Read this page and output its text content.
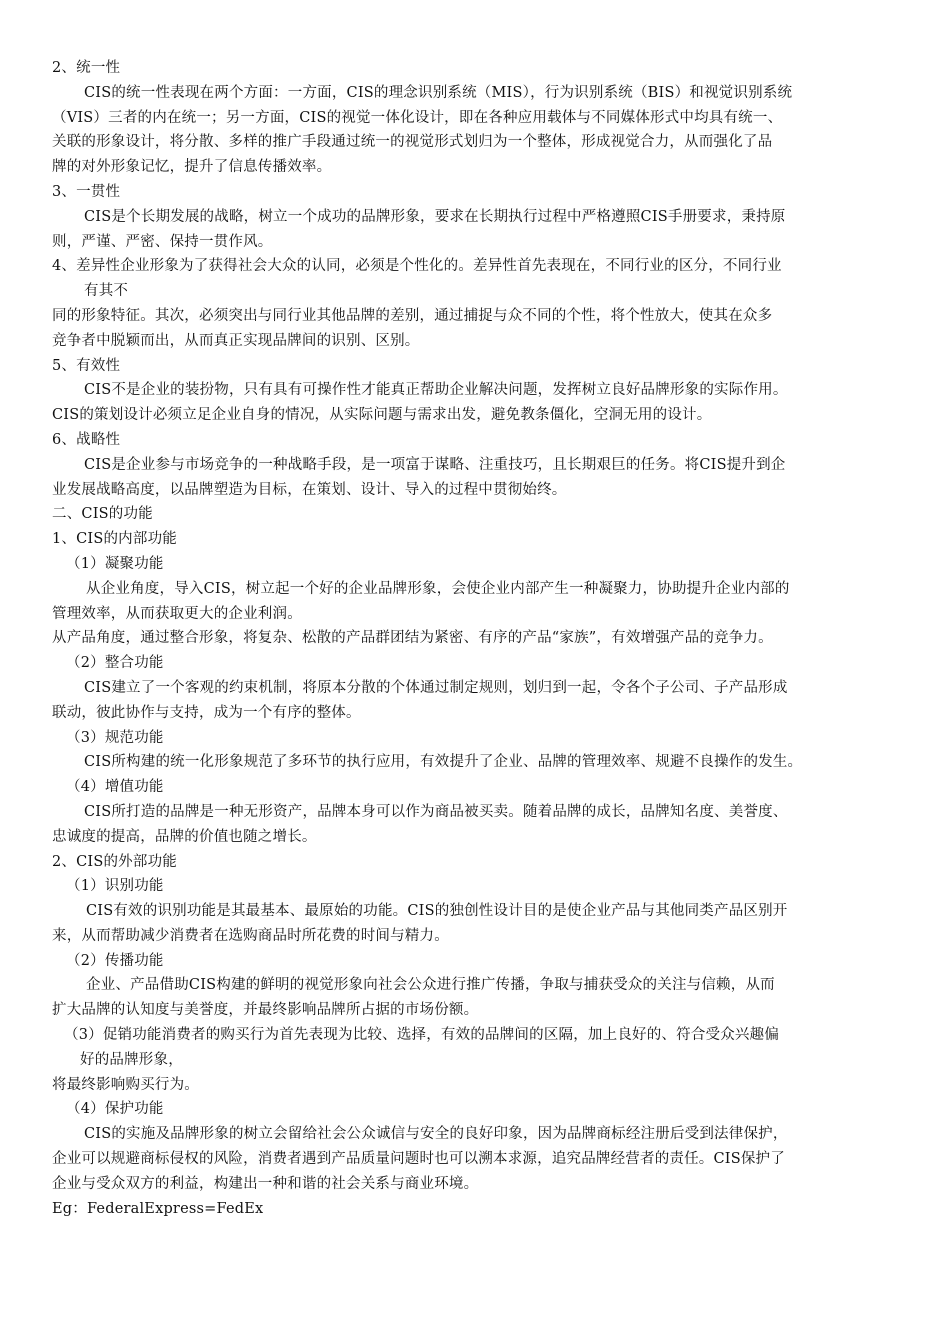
2、统一性
CIS的统一性表现在两个方面：一方面，CIS的理念识别系统（MIS），行为识别系统（BIS）和视觉识别系统
（VIS）三者的内在统一；另一方面，CIS的视觉一体化设计，即在各种应用载体与不同媒体形式中均具有统一、
关联的形象设计，将分散、多样的推广手段通过统一的视觉形式划归为一个整体，形成视觉合力，从而强化了品
牌的对外形象记忆，提升了信息传播效率。
3、一贯性
CIS是个长期发展的战略，树立一个成功的品牌形象，要求在长期执行过程中严格遵照CIS手册要求，秉持原
则，严谨、严密、保持一贯作风。
4、差异性企业形象为了获得社会大众的认同，必须是个性化的。差异性首先表现在，不同行业的区分，不同行业
有其不
同的形象特征。其次，必须突出与同行业其他品牌的差别，通过捕捉与众不同的个性，将个性放大，使其在众多
竞争者中脱颖而出，从而真正实现品牌间的识别、区别。
5、有效性
CIS不是企业的装扮物，只有具有可操作性才能真正帮助企业解决问题，发挥树立良好品牌形象的实际作用。
CIS的策划设计必须立足企业自身的情况，从实际问题与需求出发，避免教条僵化，空洞无用的设计。
6、战略性
CIS是企业参与市场竞争的一种战略手段，是一项富于谋略、注重技巧，且长期艰巨的任务。将CIS提升到企
业发展战略高度，以品牌塑造为目标，在策划、设计、导入的过程中贯彻始终。
二、CIS的功能
1、CIS的内部功能
（1）凝聚功能
从企业角度，导入CIS，树立起一个好的企业品牌形象，会使企业内部产生一种凝聚力，协助提升企业内部的
管理效率，从而获取更大的企业利润。
从产品角度，通过整合形象，将复杂、松散的产品群团结为紧密、有序的产品“家族”，有效增强产品的竞争力。
（2）整合功能
CIS建立了一个客观的约束机制，将原本分散的个体通过制定规则，划归到一起，令各个子公司、子产品形成
联动，彼此协作与支持，成为一个有序的整体。
（3）规范功能
CIS所构建的统一化形象规范了多环节的执行应用，有效提升了企业、品牌的管理效率、规避不良操作的发生。
（4）增值功能
CIS所打造的品牌是一种无形资产，品牌本身可以作为商品被买卖。随着品牌的成长，品牌知名度、美誉度、
忠诚度的提高，品牌的价值也随之增长。
2、CIS的外部功能
（1）识别功能
CIS有效的识别功能是其最基本、最原始的功能。CIS的独创性设计目的是使企业产品与其他同类产品区别开
来，从而帮助减少消费者在选购商品时所花费的时间与精力。
（2）传播功能
企业、产品借助CIS构建的鲜明的视觉形象向社会公众进行推广传播，争取与捕获受众的关注与信赖，从而
扩大品牌的认知度与美誉度，并最终影响品牌所占据的市场份额。
（3）促销功能消费者的购买行为首先表现为比较、选择，有效的品牌间的区隔，加上良好的、符合受众兴趣偏
好的品牌形象，
将最终影响购买行为。
（4）保护功能
CIS的实施及品牌形象的树立会留给社会公众诚信与安全的良好印象，因为品牌商标经注册后受到法律保护，
企业可以规避商标侵权的风险，消费者遇到产品质量问题时也可以溯本求源，追究品牌经营者的责任。CIS保护了
企业与受众双方的利益，构建出一种和谐的社会关系与商业环境。
Eg：FederalExpress=FedEx
